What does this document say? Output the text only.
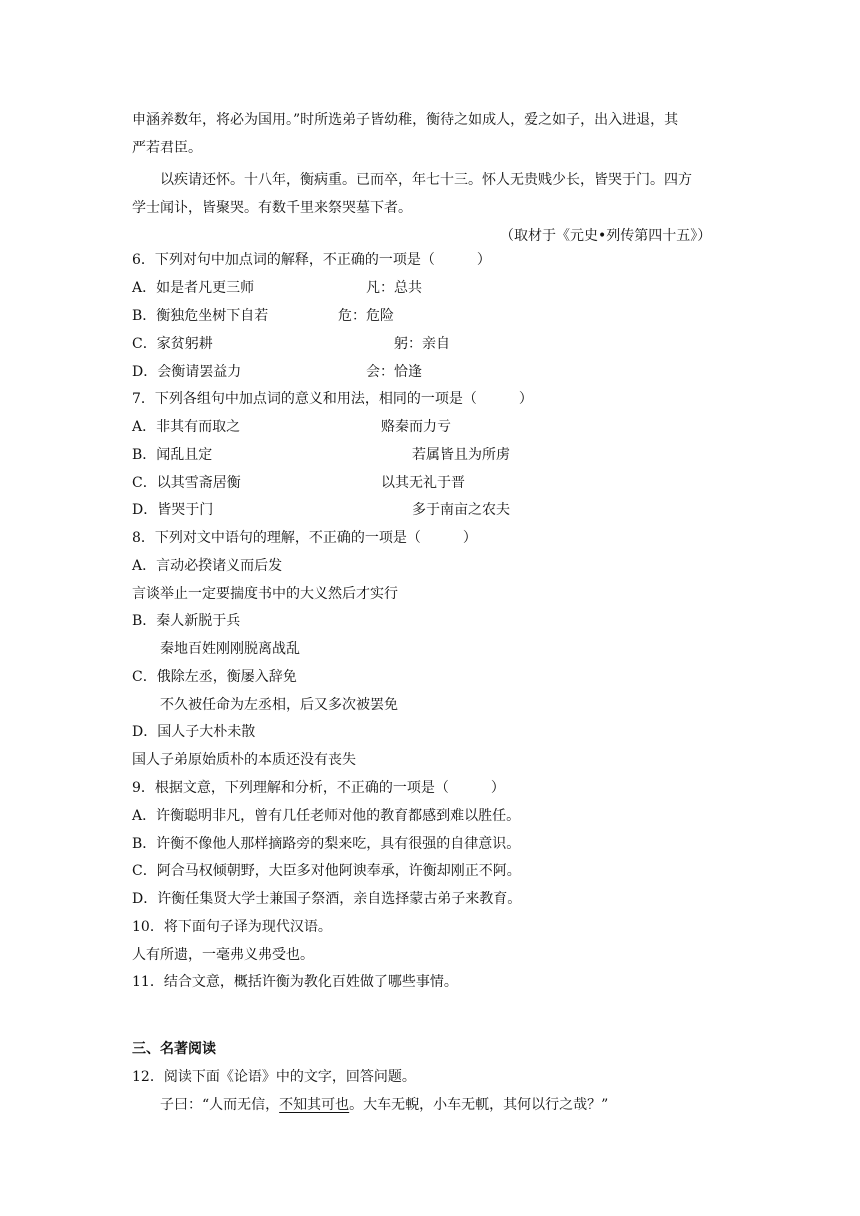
申涵养数年，将必为国用。”时所选弟子皆幼稚，衡待之如成人，爱之如子，出入进退，其
严若君臣。
以疾请还怀。十八年，衡病重。已而卒，年七十三。怀人无贵贱少长，皆哭于门。四方
学士闻讣，皆聚哭。有数千里来祭哭墓下者。
（取材于《元史•列传第四十五》）
6．下列对句中加点词的解释，不正确的一项是（　　　）
A．如是者凡更三师	凡：总共
B．衡独危坐树下自若	危：危险
C．家贫躬耕	躬：亲自
D．会衡请罢益力	会：恰逢
7．下列各组句中加点词的意义和用法，相同的一项是（　　　）
A．非其有而取之	赂秦而力亏
B．闻乱且定	若属皆且为所虏
C．以其雪斋居衡	以其无礼于晋
D．皆哭于门	多于南亩之农夫
8．下列对文中语句的理解，不正确的一项是（　　　）
A．言动必揆诸义而后发
言谈举止一定要揣度书中的大义然后才实行
B．秦人新脱于兵
秦地百姓刚刚脱离战乱
C．俄除左丞，衡屡入辞免
不久被任命为左丞相，后又多次被罢免
D．国人子大朴未散
国人子弟原始质朴的本质还没有丧失
9．根据文意，下列理解和分析，不正确的一项是（　　　）
A．许衡聪明非凡，曾有几任老师对他的教育都感到难以胜任。
B．许衡不像他人那样摘路旁的梨来吃，具有很强的自律意识。
C．阿合马权倾朝野，大臣多对他阿谀奉承，许衡却刚正不阿。
D．许衡任集贤大学士兼国子祭酒，亲自选择蒙古弟子来教育。
10．将下面句子译为现代汉语。
人有所遗，一毫弗义弗受也。
11．结合文意，概括许衡为教化百姓做了哪些事情。
三、名著阅读
12．阅读下面《论语》中的文字，回答问题。
子曰：“人而无信，不知其可也。大车无輗，小车无軏，其何以行之哉？”
